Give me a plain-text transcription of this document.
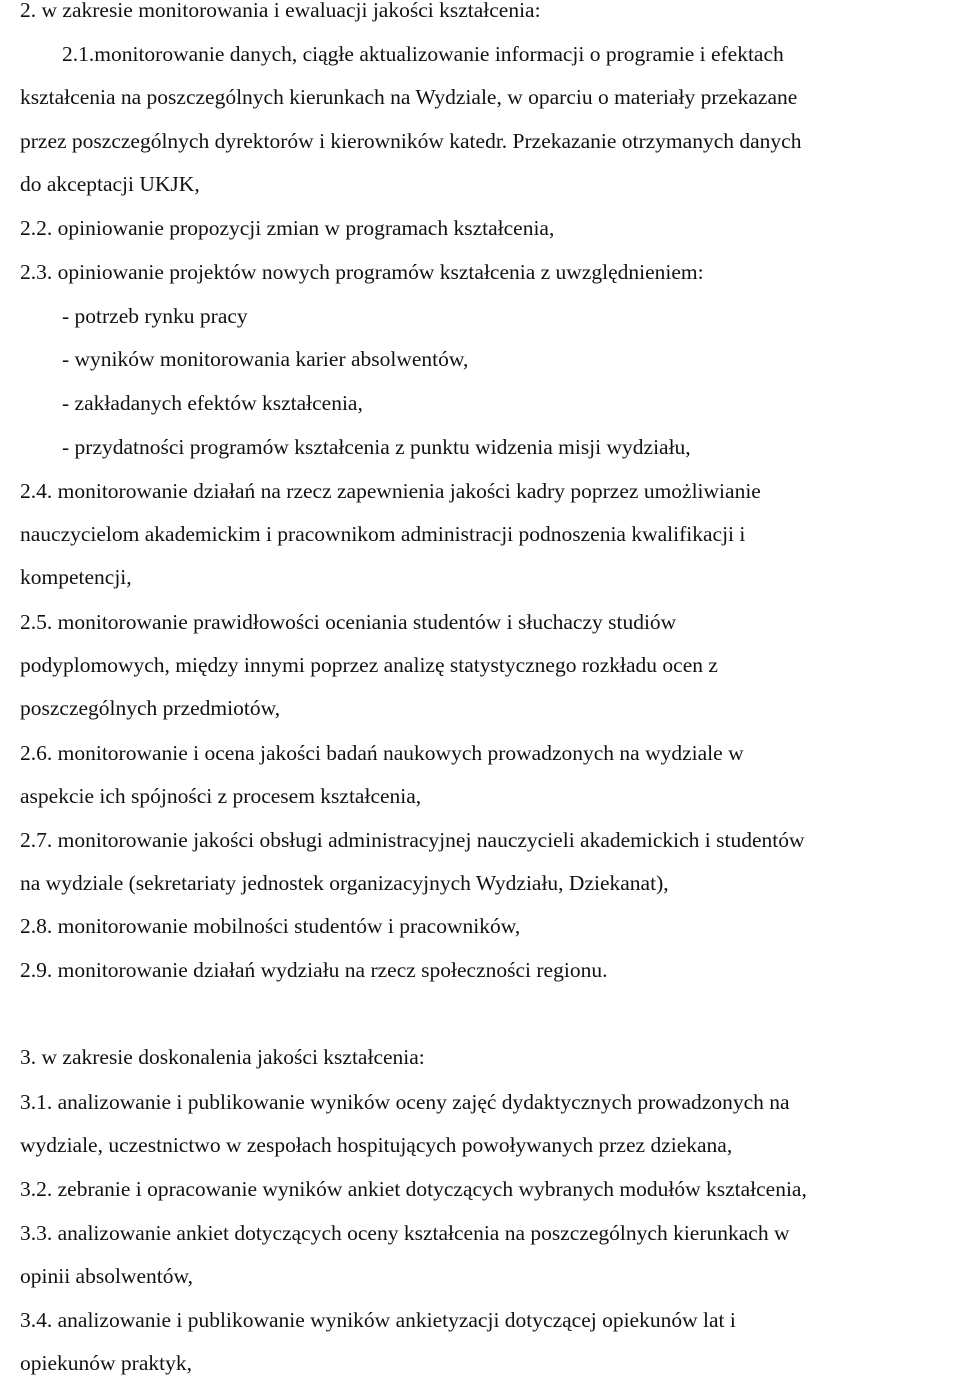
2. w zakresie monitorowania i ewaluacji jakości kształcenia:
2.1.monitorowanie danych, ciągłe aktualizowanie informacji o programie i efektach
kształcenia na poszczególnych kierunkach na Wydziale, w oparciu o materiały przekazane
przez poszczególnych dyrektorów i kierowników katedr. Przekazanie otrzymanych danych
do akceptacji UKJK,
2.2. opiniowanie propozycji zmian w programach kształcenia,
2.3. opiniowanie projektów nowych programów kształcenia z uwzględnieniem:
- potrzeb rynku pracy
- wyników monitorowania karier absolwentów,
- zakładanych efektów kształcenia,
- przydatności programów kształcenia z punktu widzenia misji wydziału,
2.4. monitorowanie działań na rzecz zapewnienia jakości kadry poprzez umożliwianie
nauczycielom akademickim i pracownikom administracji podnoszenia kwalifikacji i
kompetencji,
2.5. monitorowanie prawidłowości oceniania studentów i słuchaczy studiów
podyplomowych, między innymi poprzez analizę statystycznego rozkładu ocen z
poszczególnych przedmiotów,
2.6. monitorowanie i ocena jakości badań naukowych prowadzonych na wydziale w
aspekcie ich spójności z procesem kształcenia,
2.7. monitorowanie jakości obsługi administracyjnej nauczycieli akademickich i studentów
na wydziale (sekretariaty jednostek organizacyjnych Wydziału, Dziekanat),
2.8. monitorowanie mobilności studentów i pracowników,
2.9. monitorowanie działań wydziału na rzecz społeczności regionu.
3. w zakresie doskonalenia jakości kształcenia:
3.1. analizowanie i publikowanie wyników oceny zajęć dydaktycznych prowadzonych na
wydziale, uczestnictwo w zespołach hospitujących powoływanych przez dziekana,
3.2. zebranie i opracowanie wyników ankiet dotyczących wybranych modułów kształcenia,
3.3. analizowanie ankiet dotyczących oceny kształcenia na poszczególnych kierunkach w
opinii absolwentów,
3.4. analizowanie i publikowanie wyników ankietyzacji dotyczącej opiekunów lat i
opiekunów praktyk,
